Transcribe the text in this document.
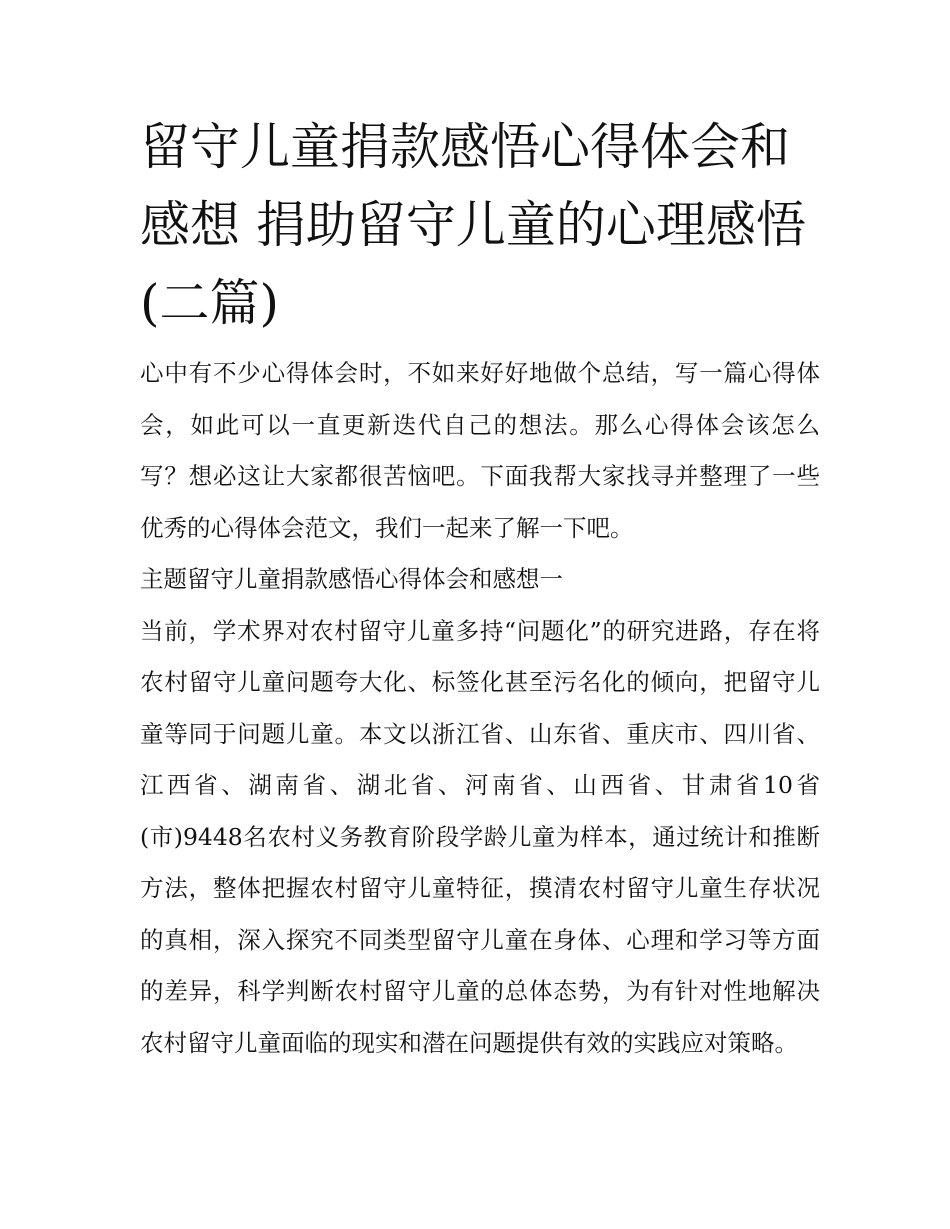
留守儿童捐款感悟心得体会和
感想 捐助留守儿童的心理感悟
(二篇)

心中有不少心得体会时，不如来好好地做个总结，写一篇心得体会，如此可以一直更新迭代自己的想法。那么心得体会该怎么写？想必这让大家都很苦恼吧。下面我帮大家找寻并整理了一些优秀的心得体会范文，我们一起来了解一下吧。

主题留守儿童捐款感悟心得体会和感想一

当前，学术界对农村留守儿童多持“问题化”的研究进路，存在将农村留守儿童问题夸大化、标签化甚至污名化的倾向，把留守儿童等同于问题儿童。本文以浙江省、山东省、重庆市、四川省、江西省、湖南省、湖北省、河南省、山西省、甘肃省10省(市)9448名农村义务教育阶段学龄儿童为样本，通过统计和推断方法，整体把握农村留守儿童特征，摸清农村留守儿童生存状况的真相，深入探究不同类型留守儿童在身体、心理和学习等方面的差异，科学判断农村留守儿童的总体态势，为有针对性地解决农村留守儿童面临的现实和潜在问题提供有效的实践应对策略。
